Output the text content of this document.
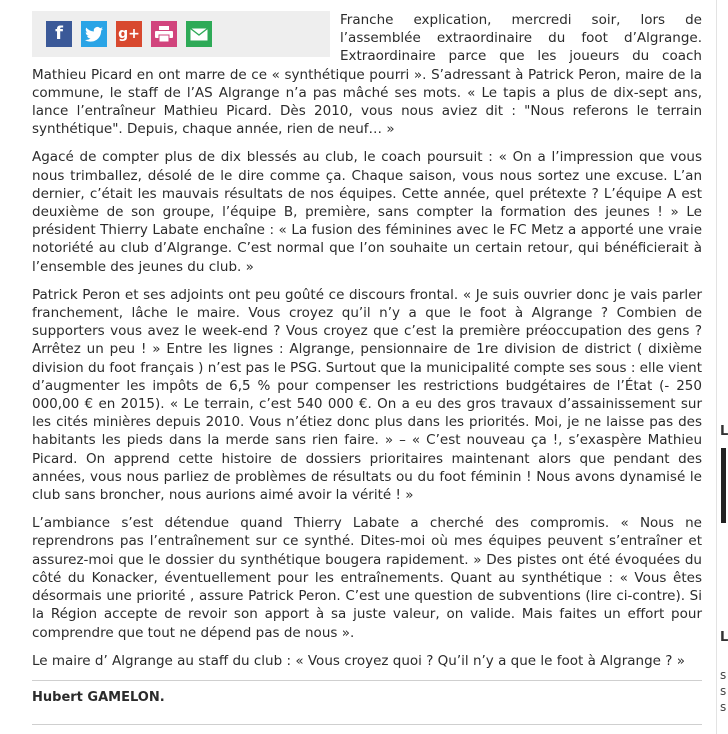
f	g+

Franche explication, mercredi soir, lors de l’assemblée extraordinaire du foot d’Algrange. Extraordinaire parce que les joueurs du coach Mathieu Picard en ont marre de ce « synthétique pourri ». S’adressant à Patrick Peron, maire de la commune, le staff de l’AS Algrange n’a pas mâché ses mots. « Le tapis a plus de dix-sept ans, lance l’entraîneur Mathieu Picard. Dès 2010, vous nous aviez dit : "Nous referons le terrain synthétique". Depuis, chaque année, rien de neuf… »

Agacé de compter plus de dix blessés au club, le coach poursuit : « On a l’impression que vous nous trimballez, désolé de le dire comme ça. Chaque saison, vous nous sortez une excuse. L’an dernier, c’était les mauvais résultats de nos équipes. Cette année, quel prétexte ? L’équipe A est deuxième de son groupe, l’équipe B, première, sans compter la formation des jeunes ! » Le président Thierry Labate enchaîne : « La fusion des féminines avec le FC Metz a apporté une vraie notoriété au club d’Algrange. C’est normal que l’on souhaite un certain retour, qui bénéficierait à l’ensemble des jeunes du club. »

Patrick Peron et ses adjoints ont peu goûté ce discours frontal. « Je suis ouvrier donc je vais parler franchement, lâche le maire. Vous croyez qu’il n’y a que le foot à Algrange ? Combien de supporters vous avez le week-end ? Vous croyez que c’est la première préoccupation des gens ? Arrêtez un peu ! » Entre les lignes : Algrange, pensionnaire de 1re division de district ( dixième division du foot français ) n’est pas le PSG. Surtout que la municipalité compte ses sous : elle vient d’augmenter les impôts de 6,5 % pour compenser les restrictions budgétaires de l’État (- 250 000,00 € en 2015). « Le terrain, c’est 540 000 €. On a eu des gros travaux d’assainissement sur les cités minières depuis 2010. Vous n’étiez donc plus dans les priorités. Moi, je ne laisse pas des habitants les pieds dans la merde sans rien faire. » – « C’est nouveau ça !, s’exaspère Mathieu Picard. On apprend cette histoire de dossiers prioritaires maintenant alors que pendant des années, vous nous parliez de problèmes de résultats ou du foot féminin ! Nous avons dynamisé le club sans broncher, nous aurions aimé avoir la vérité ! »

L’ambiance s’est détendue quand Thierry Labate a cherché des compromis. « Nous ne reprendrons pas l’entraînement sur ce synthé. Dites-moi où mes équipes peuvent s’entraîner et assurez-moi que le dossier du synthétique bougera rapidement. » Des pistes ont été évoquées du côté du Konacker, éventuellement pour les entraînements. Quant au synthétique : « Vous êtes désormais une priorité , assure Patrick Peron. C’est une question de subventions (lire ci-contre). Si la Région accepte de revoir son apport à sa juste valeur, on valide. Mais faites un effort pour comprendre que tout ne dépend pas de nous ».

Le maire d’ Algrange au staff du club : « Vous croyez quoi ? Qu’il n’y a que le foot à Algrange ? »

Hubert GAMELON.
L
L
s
s
s
